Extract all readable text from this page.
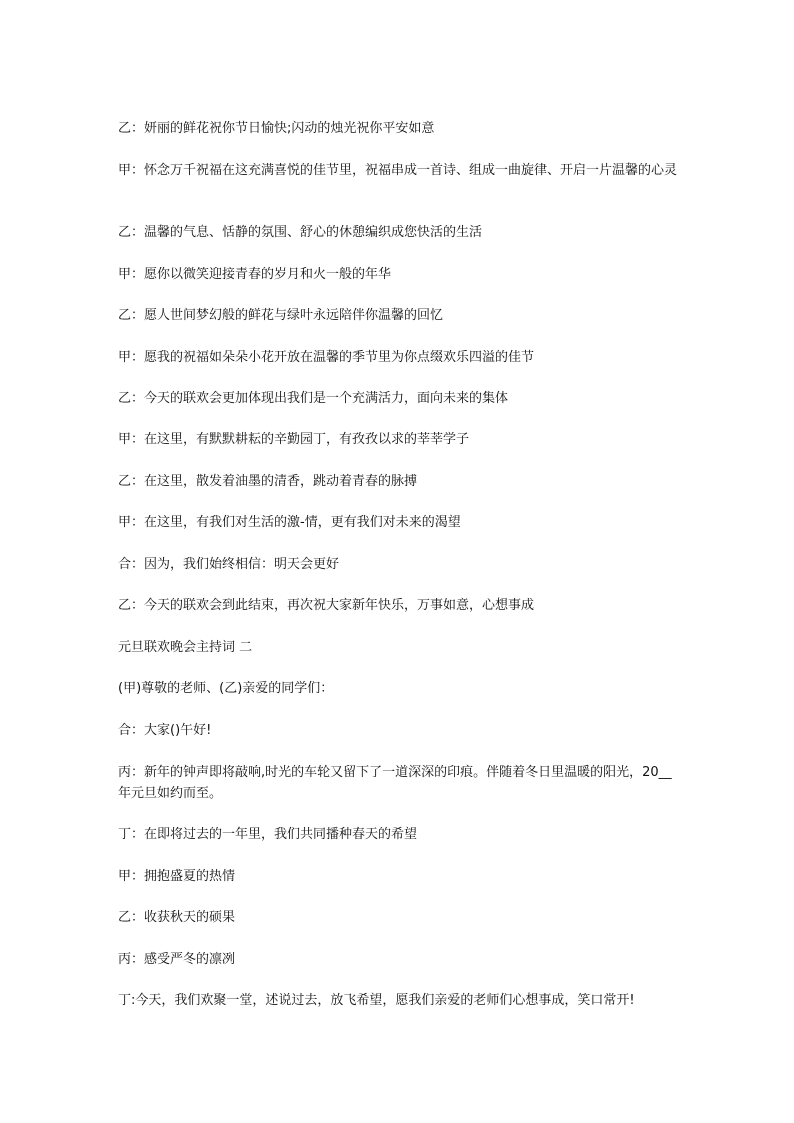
乙：妍丽的鲜花祝你节日愉快;闪动的烛光祝你平安如意

甲：怀念万千祝福在这充满喜悦的佳节里，祝福串成一首诗、组成一曲旋律、开启一片温馨的心灵

乙：温馨的气息、恬静的氛围、舒心的休憩编织成您快活的生活

甲：愿你以微笑迎接青春的岁月和火一般的年华

乙：愿人世间梦幻般的鲜花与绿叶永远陪伴你温馨的回忆

甲：愿我的祝福如朵朵小花开放在温馨的季节里为你点缀欢乐四溢的佳节

乙：今天的联欢会更加体现出我们是一个充满活力，面向未来的集体

甲：在这里，有默默耕耘的辛勤园丁，有孜孜以求的莘莘学子

乙：在这里，散发着油墨的清香，跳动着青春的脉搏

甲：在这里，有我们对生活的激-情，更有我们对未来的渴望

合：因为，我们始终相信：明天会更好

乙：今天的联欢会到此结束，再次祝大家新年快乐，万事如意，心想事成

元旦联欢晚会主持词 二

(甲)尊敬的老师、(乙)亲爱的同学们：

合：大家()午好!

丙：新年的钟声即将敲响,时光的车轮又留下了一道深深的印痕。伴随着冬日里温暖的阳光，20__年元旦如约而至。

丁：在即将过去的一年里，我们共同播种春天的希望

甲：拥抱盛夏的热情

乙：收获秋天的硕果

丙：感受严冬的凛冽

丁:今天，我们欢聚一堂，述说过去，放飞希望，愿我们亲爱的老师们心想事成，笑口常开!
